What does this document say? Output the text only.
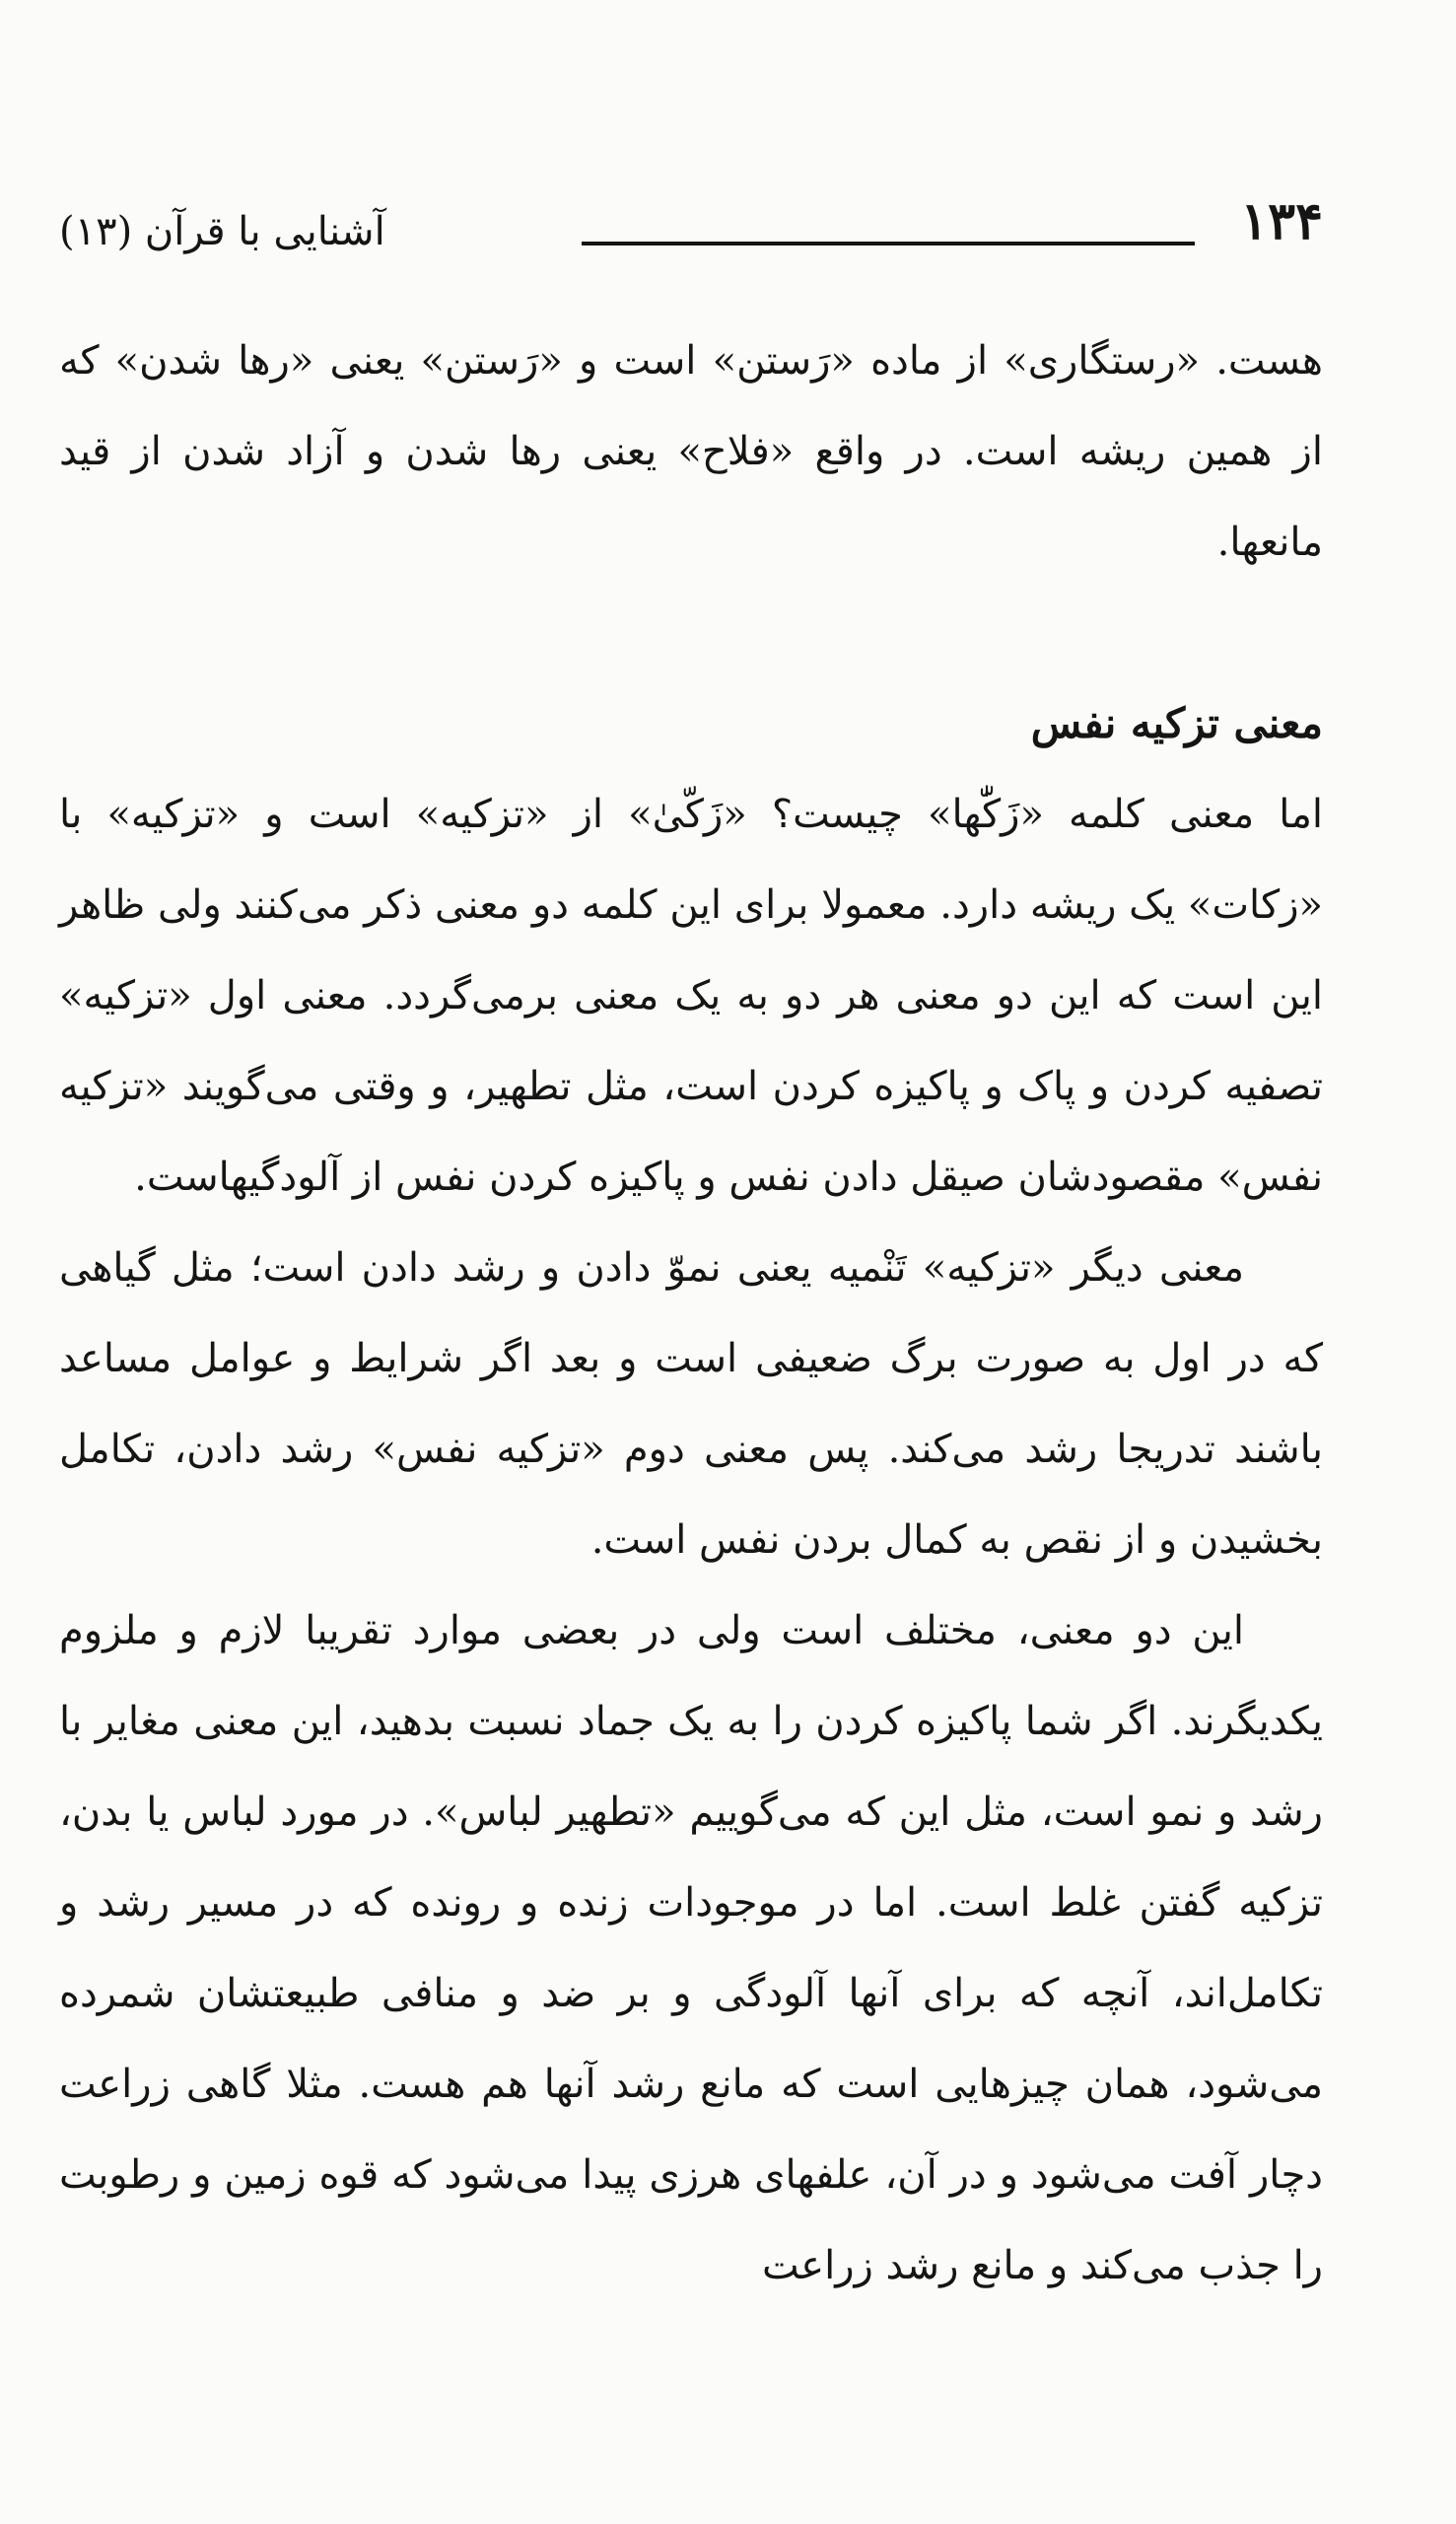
۱۳۴
آشنایی با قرآن (۱۳)

هست. «رستگاری» از ماده «رَستن» است و «رَستن» یعنی «رها شدن» که از همین ریشه است. در واقع «فلاح» یعنی رها شدن و آزاد شدن از قید مانعها.

معنی تزکیه نفس

اما معنی کلمه «زَکّٰها» چیست؟ «زَکّیٰ» از «تزکیه» است و «تزکیه» با «زکات» یک ریشه دارد. معمولا برای این کلمه دو معنی ذکر می‌کنند ولی ظاهر این است که این دو معنی هر دو به یک معنی برمی‌گردد. معنی اول «تزکیه» تصفیه کردن و پاک و پاکیزه کردن است، مثل تطهیر، و وقتی می‌گویند «تزکیه نفس» مقصودشان صیقل دادن نفس و پاکیزه کردن نفس از آلودگیهاست.

معنی دیگر «تزکیه» تَنْمیه یعنی نموّ دادن و رشد دادن است؛ مثل گیاهی که در اول به صورت برگ ضعیفی است و بعد اگر شرایط و عوامل مساعد باشند تدریجا رشد می‌کند. پس معنی دوم «تزکیه نفس» رشد دادن، تکامل بخشیدن و از نقص به کمال بردن نفس است.

این دو معنی، مختلف است ولی در بعضی موارد تقریبا لازم و ملزوم یکدیگرند. اگر شما پاکیزه کردن را به یک جماد نسبت بدهید، این معنی مغایر با رشد و نمو است، مثل این که می‌گوییم «تطهیر لباس». در مورد لباس یا بدن، تزکیه گفتن غلط است. اما در موجودات زنده و رونده که در مسیر رشد و تکامل‌اند، آنچه که برای آنها آلودگی و بر ضد و منافی طبیعتشان شمرده می‌شود، همان چیزهایی است که مانع رشد آنها هم هست. مثلا گاهی زراعت دچار آفت می‌شود و در آن، علفهای هرزی پیدا می‌شود که قوه زمین و رطوبت را جذب می‌کند و مانع رشد زراعت
